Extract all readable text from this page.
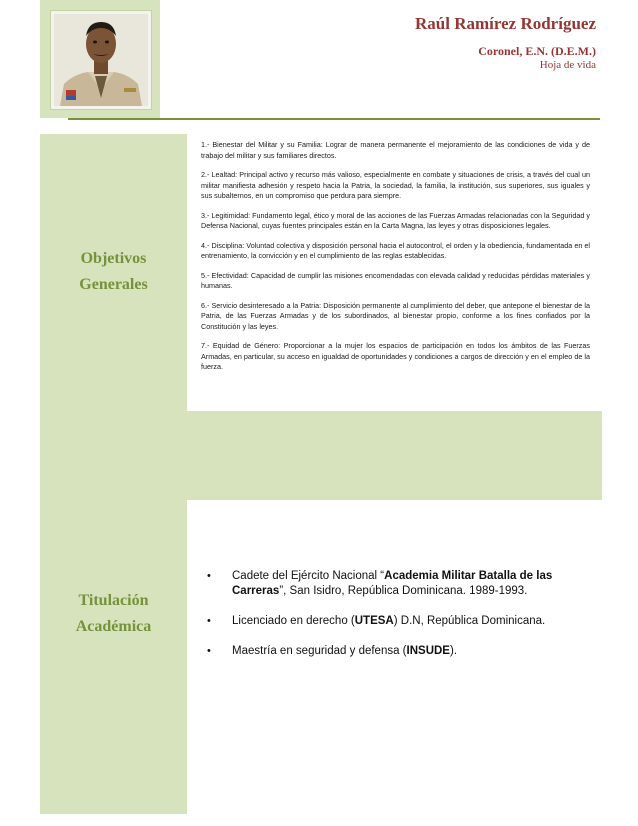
Raúl Ramírez Rodríguez
Coronel, E.N. (D.E.M.)
Hoja de vida
Objetivos
Generales
1.- Bienestar del Militar y su Familia: Lograr de manera permanente el mejoramiento de las condiciones de vida y de trabajo del militar y sus familiares directos.
2.- Lealtad: Principal activo y recurso más valioso, especialmente en combate y situaciones de crisis, a través del cual un militar manifiesta adhesión y respeto hacia la Patria, la sociedad, la familia, la institución, sus superiores, sus iguales y sus subalternos, en un compromiso que perdura para siempre.
3.- Legitimidad: Fundamento legal, ético y moral de las acciones de las Fuerzas Armadas relacionadas con la Seguridad y Defensa Nacional, cuyas fuentes principales están en la Carta Magna, las leyes y otras disposiciones legales.
4.- Disciplina: Voluntad colectiva y disposición personal hacia el autocontrol, el orden y la obediencia, fundamentada en el entrenamiento, la convicción y en el cumplimiento de las reglas establecidas.
5.- Efectividad: Capacidad de cumplir las misiones encomendadas con elevada calidad y reducidas pérdidas materiales y humanas.
6.- Servicio desinteresado a la Patria: Disposición permanente al cumplimiento del deber, que antepone el bienestar de la Patria, de las Fuerzas Armadas y de los subordinados, al bienestar propio, conforme a los fines confiados por la Constitución y las leyes.
7.- Equidad de Género: Proporcionar a la mujer los espacios de participación en todos los ámbitos de las Fuerzas Armadas, en particular, su acceso en igualdad de oportunidades y condiciones a cargos de dirección y en el empleo de la fuerza.
Titulación
Académica
• Cadete del Ejército Nacional “Academia Militar Batalla de las Carreras”, San Isidro, República Dominicana. 1989-1993.
• Licenciado en derecho (UTESA) D.N, República Dominicana.
• Maestría en seguridad y defensa (INSUDE).
